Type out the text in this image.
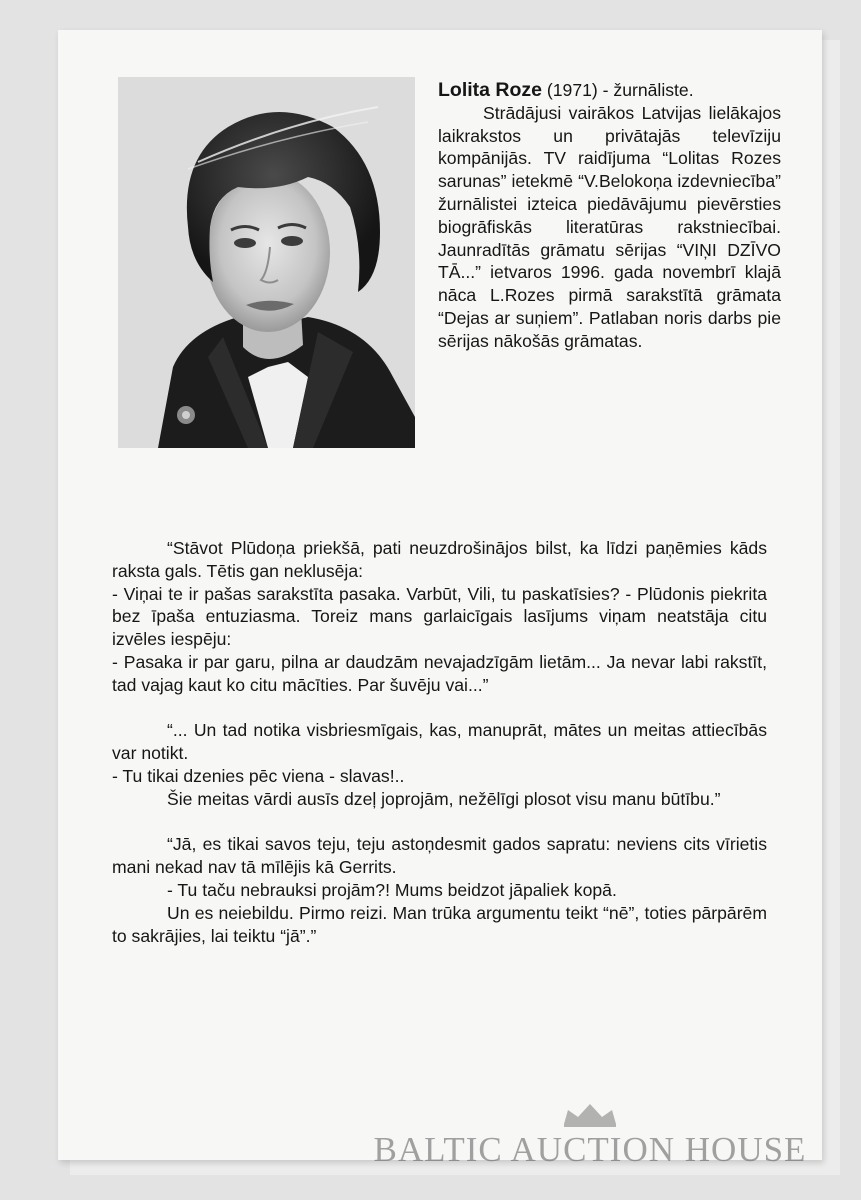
Lolita Roze (1971) - žurnāliste.

Strādājusi vairākos Latvijas lielākajos laikrakstos un privātajās televīziju kompānijās. TV raidījuma “Lolitas Rozes sarunas” ietekmē “V.Belokoņa izdevniecība” žurnālistei izteica piedāvājumu pievērsties biogrāfiskās literatūras rakstniecībai. Jaunradītās grāmatu sērijas “VIŅI DZĪVO TĀ...” ietvaros 1996. gada novembrī klajā nāca L.Rozes pirmā sarakstītā grāmata “Dejas ar suņiem”. Patlaban noris darbs pie sērijas nākošās grāmatas.

“Stāvot Plūdoņa priekšā, pati neuzdrošinājos bilst, ka līdzi paņēmies kāds raksta gals. Tētis gan neklusēja:

- Viņai te ir pašas sarakstīta pasaka. Varbūt, Vili, tu paskatīsies? - Plūdonis piekrita bez īpaša entuziasma. Toreiz mans garlaicīgais lasījums viņam neatstāja citu izvēles iespēju:

- Pasaka ir par garu, pilna ar daudzām nevajadzīgām lietām... Ja nevar labi rakstīt, tad vajag kaut ko citu mācīties. Par šuvēju vai...”

“... Un tad notika visbriesmīgais, kas, manuprāt, mātes un meitas attiecībās var notikt.

- Tu tikai dzenies pēc viena - slavas!..

Šie meitas vārdi ausīs dzeļ joprojām, nežēlīgi plosot visu manu būtību.”

“Jā, es tikai savos teju, teju astoņdesmit gados sapratu: neviens cits vīrietis mani nekad nav tā mīlējis kā Gerrits.

- Tu taču nebrauksi projām?! Mums beidzot jāpaliek kopā.

Un es neiebildu. Pirmo reizi. Man trūka argumentu teikt “nē”, toties pārpārēm to sakrājies, lai teiktu “jā”.”

BALTIC AUCTION HOUSE
